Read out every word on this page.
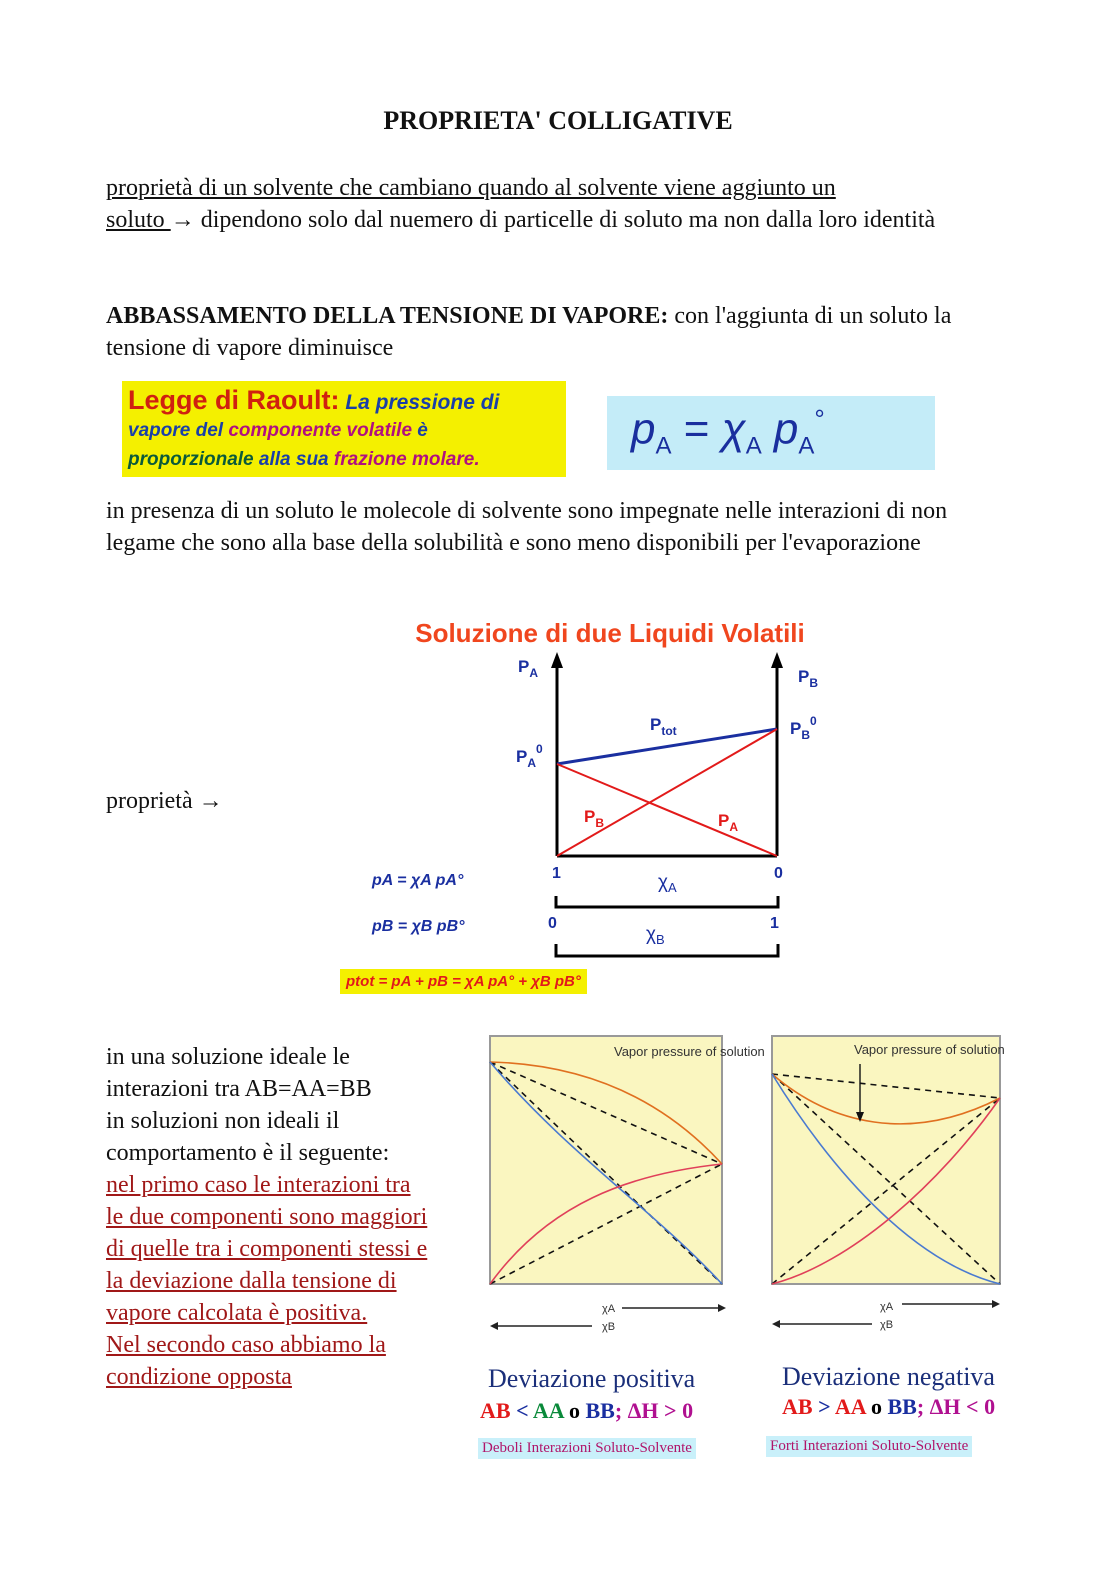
PROPRIETA' COLLIGATIVE
proprietà di un solvente che cambiano quando al solvente viene aggiunto un
soluto → dipendono solo dal nuemero di particelle di soluto ma non dalla loro identità
ABBASSAMENTO DELLA TENSIONE DI VAPORE: con l'aggiunta di un soluto la tensione di vapore diminuisce
Legge di Raoult: La pressione di
vapore del componente volatile è
proporzionale alla sua frazione molare.
$p_A = \chi_A$ $p_A^\circ$
in presenza di un soluto le molecole di solvente sono impegnate nelle interazioni di non legame che sono alla base della solubilità e sono meno disponibili per l'evaporazione
proprietà →
Soluzione di due Liquidi Volatili
$P_A$	$P_B$
$P_{tot}$
$P_A^0$
$P_B^0$
$P_B$	$P_A$
1	0
$\chi_A$
0	1
$\chi_B$
pA = χA pA°
pB = χB pB°
ptot = pA + pB = χA pA° + χB pB°
in una soluzione ideale le
interazioni tra AB=AA=BB
in soluzioni non ideali il
comportamento è il seguente:
nel primo caso le interazioni tra
le due componenti sono maggiori
di quelle tra i componenti stessi e
la deviazione dalla tensione di
vapore calcolata è positiva.
Nel secondo caso abbiamo la
condizione opposta
Vapor pressure of solution
χA
χB
Vapor pressure of solution
χA
χB
Deviazione positiva
AB < AA o BB; ΔH > 0
Deboli Interazioni Soluto-Solvente
Deviazione negativa
AB > AA o BB; ΔH < 0
Forti Interazioni Soluto-Solvente
